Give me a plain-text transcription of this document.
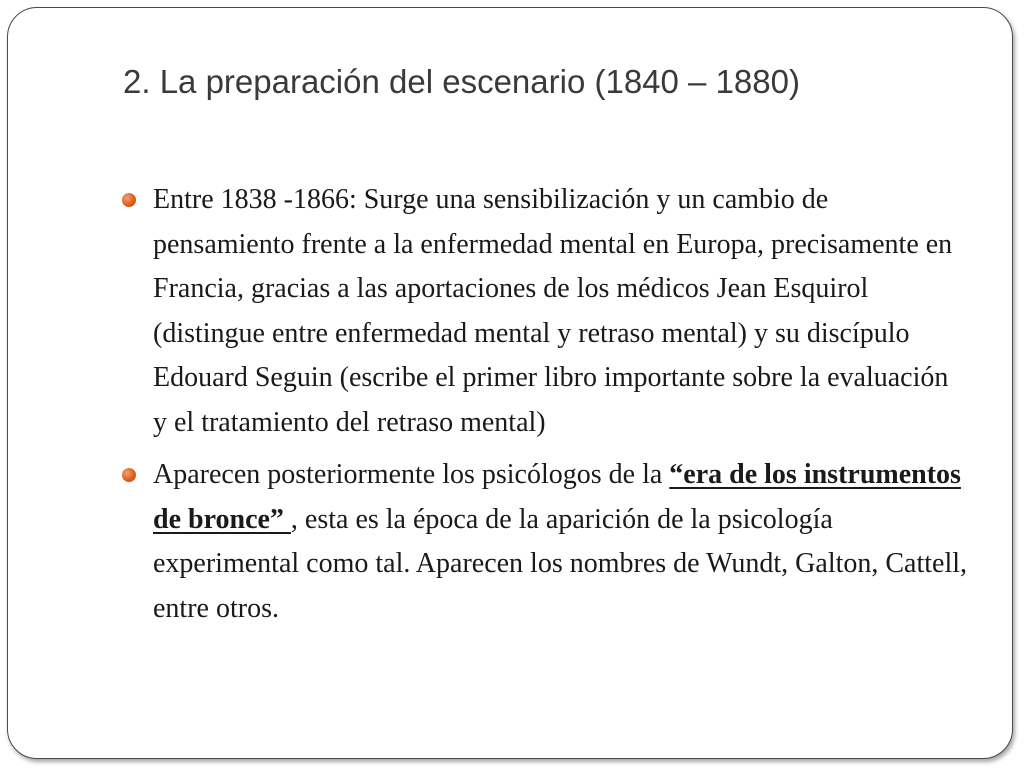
2. La preparación del escenario (1840 – 1880)
Entre 1838 -1866: Surge una sensibilización y un cambio de pensamiento frente a la enfermedad mental en Europa, precisamente en Francia, gracias a las aportaciones de los médicos Jean Esquirol (distingue entre enfermedad mental y retraso mental) y su discípulo Edouard Seguin (escribe el primer libro importante sobre la evaluación y el tratamiento del retraso mental)
Aparecen posteriormente los psicólogos de la “era de los instrumentos de bronce” , esta es la época de la aparición de la psicología experimental como tal. Aparecen los nombres de Wundt, Galton, Cattell, entre otros.
